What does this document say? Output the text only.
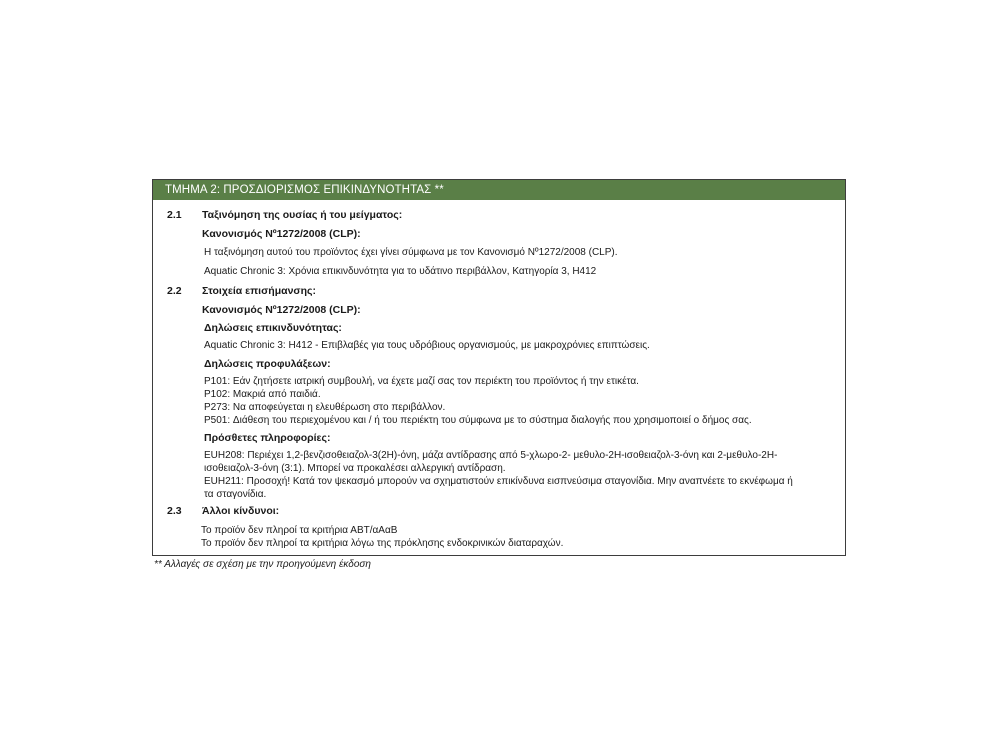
ΤΜΗΜΑ 2: ΠΡΟΣΔΙΟΡΙΣΜΟΣ ΕΠΙΚΙΝΔΥΝΟΤΗΤΑΣ **
2.1 Ταξινόμηση της ουσίας ή του μείγματος:
Κανονισμός Νº1272/2008 (CLP):
Η ταξινόμηση αυτού του προϊόντος έχει γίνει σύμφωνα με τον Κανονισμό Νº1272/2008 (CLP).
Aquatic Chronic 3: Χρόνια επικινδυνότητα για το υδάτινο περιβάλλον, Κατηγορία 3, H412
2.2 Στοιχεία επισήμανσης:
Κανονισμός Νº1272/2008 (CLP):
Δηλώσεις επικινδυνότητας:
Aquatic Chronic 3: H412 - Επιβλαβές για τους υδρόβιους οργανισμούς, με μακροχρόνιες επιπτώσεις.
Δηλώσεις προφυλάξεων:
P101: Εάν ζητήσετε ιατρική συμβουλή, να έχετε μαζί σας τον περιέκτη του προϊόντος ή την ετικέτα.
P102: Μακριά από παιδιά.
P273: Να αποφεύγεται η ελευθέρωση στο περιβάλλον.
P501: Διάθεση του περιεχομένου και / ή του περιέκτη του σύμφωνα με το σύστημα διαλογής που χρησιμοποιεί ο δήμος σας.
Πρόσθετες πληροφορίες:
EUH208: Περιέχει 1,2-βενζισοθειαζολ-3(2H)-όνη, μάζα αντίδρασης από 5-χλωρο-2- μεθυλο-2H-ισοθειαζολ-3-όνη και 2-μεθυλο-2H-
ισοθειαζολ-3-όνη (3:1). Μπορεί να προκαλέσει αλλεργική αντίδραση.
EUH211: Προσοχή! Κατά τον ψεκασμό μπορούν να σχηματιστούν επικίνδυνα εισπνεύσιμα σταγονίδια. Μην αναπνέετε το εκνέφωμα ή
τα σταγονίδια.
2.3 Άλλοι κίνδυνοι:
Το προϊόν δεν πληροί τα κριτήρια ΑΒΤ/αΑαΒ
Το προϊόν δεν πληροί τα κριτήρια λόγω της πρόκλησης ενδοκρινικών διαταραχών.
** Αλλαγές σε σχέση με την προηγούμενη έκδοση
